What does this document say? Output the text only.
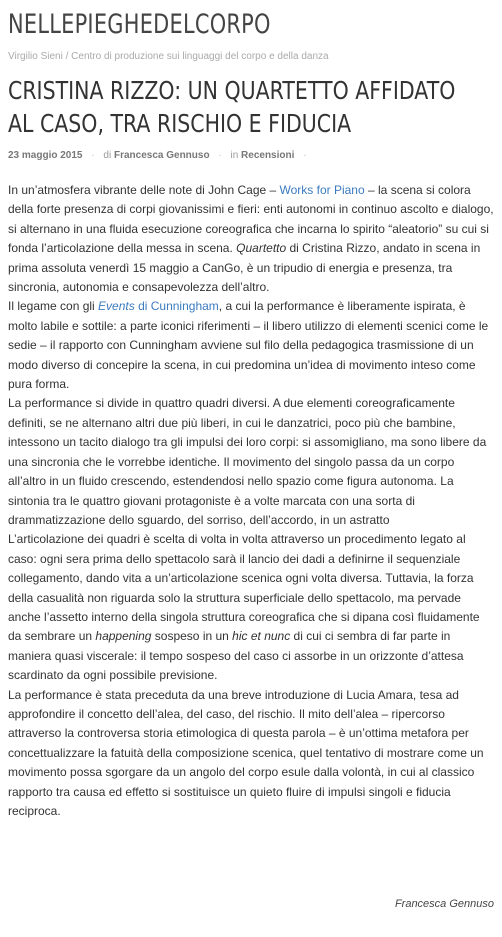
NELLEPIEGHEDELCORPO
Virgilio Sieni / Centro di produzione sui linguaggi del corpo e della danza
CRISTINA RIZZO: UN QUARTETTO AFFIDATO AL CASO, TRA RISCHIO E FIDUCIA
23 maggio 2015 · di Francesca Gennuso · in Recensioni ·

In un’atmosfera vibrante delle note di John Cage – Works for Piano – la scena si colora della forte presenza di corpi giovanissimi e fieri: enti autonomi in continuo ascolto e dialogo, si alternano in una fluida esecuzione coreografica che incarna lo spirito “aleatorio” su cui si fonda l’articolazione della messa in scena. Quartetto di Cristina Rizzo, andato in scena in prima assoluta venerdì 15 maggio a CanGo, è un tripudio di energia e presenza, tra sincronia, autonomia e consapevolezza dell’altro.

Il legame con gli Events di Cunningham, a cui la performance è liberamente ispirata, è molto labile e sottile: a parte iconici riferimenti – il libero utilizzo di elementi scenici come le sedie – il rapporto con Cunningham avviene sul filo della pedagogica trasmissione di un modo diverso di concepire la scena, in cui predomina un’idea di movimento inteso come pura forma.

La performance si divide in quattro quadri diversi. A due elementi coreograficamente definiti, se ne alternano altri due più liberi, in cui le danzatrici, poco più che bambine, intessono un tacito dialogo tra gli impulsi dei loro corpi: si assomigliano, ma sono libere da una sincronia che le vorrebbe identiche. Il movimento del singolo passa da un corpo all’altro in un fluido crescendo, estendendosi nello spazio come figura autonoma. La sintonia tra le quattro giovani protagoniste è a volte marcata con una sorta di drammatizzazione dello sguardo, del sorriso, dell’accordo, in un astratto

L’articolazione dei quadri è scelta di volta in volta attraverso un procedimento legato al caso: ogni sera prima dello spettacolo sarà il lancio dei dadi a definirne il sequenziale collegamento, dando vita a un’articolazione scenica ogni volta diversa. Tuttavia, la forza della casualità non riguarda solo la struttura superficiale dello spettacolo, ma pervade anche l’assetto interno della singola struttura coreografica che si dipana così fluidamente da sembrare un happening sospeso in un hic et nunc di cui ci sembra di far parte in maniera quasi viscerale: il tempo sospeso del caso ci assorbe in un orizzonte d’attesa scardinato da ogni possibile previsione.

La performance è stata preceduta da una breve introduzione di Lucia Amara, tesa ad approfondire il concetto dell’alea, del caso, del rischio. Il mito dell’alea – ripercorso attraverso la controversa storia etimologica di questa parola – è un’ottima metafora per concettualizzare la fatuità della composizione scenica, quel tentativo di mostrare come un movimento possa sgorgare da un angolo del corpo esule dalla volontà, in cui al classico rapporto tra causa ed effetto si sostituisce un quieto fluire di impulsi singoli e fiducia reciproca.

Francesca Gennuso
